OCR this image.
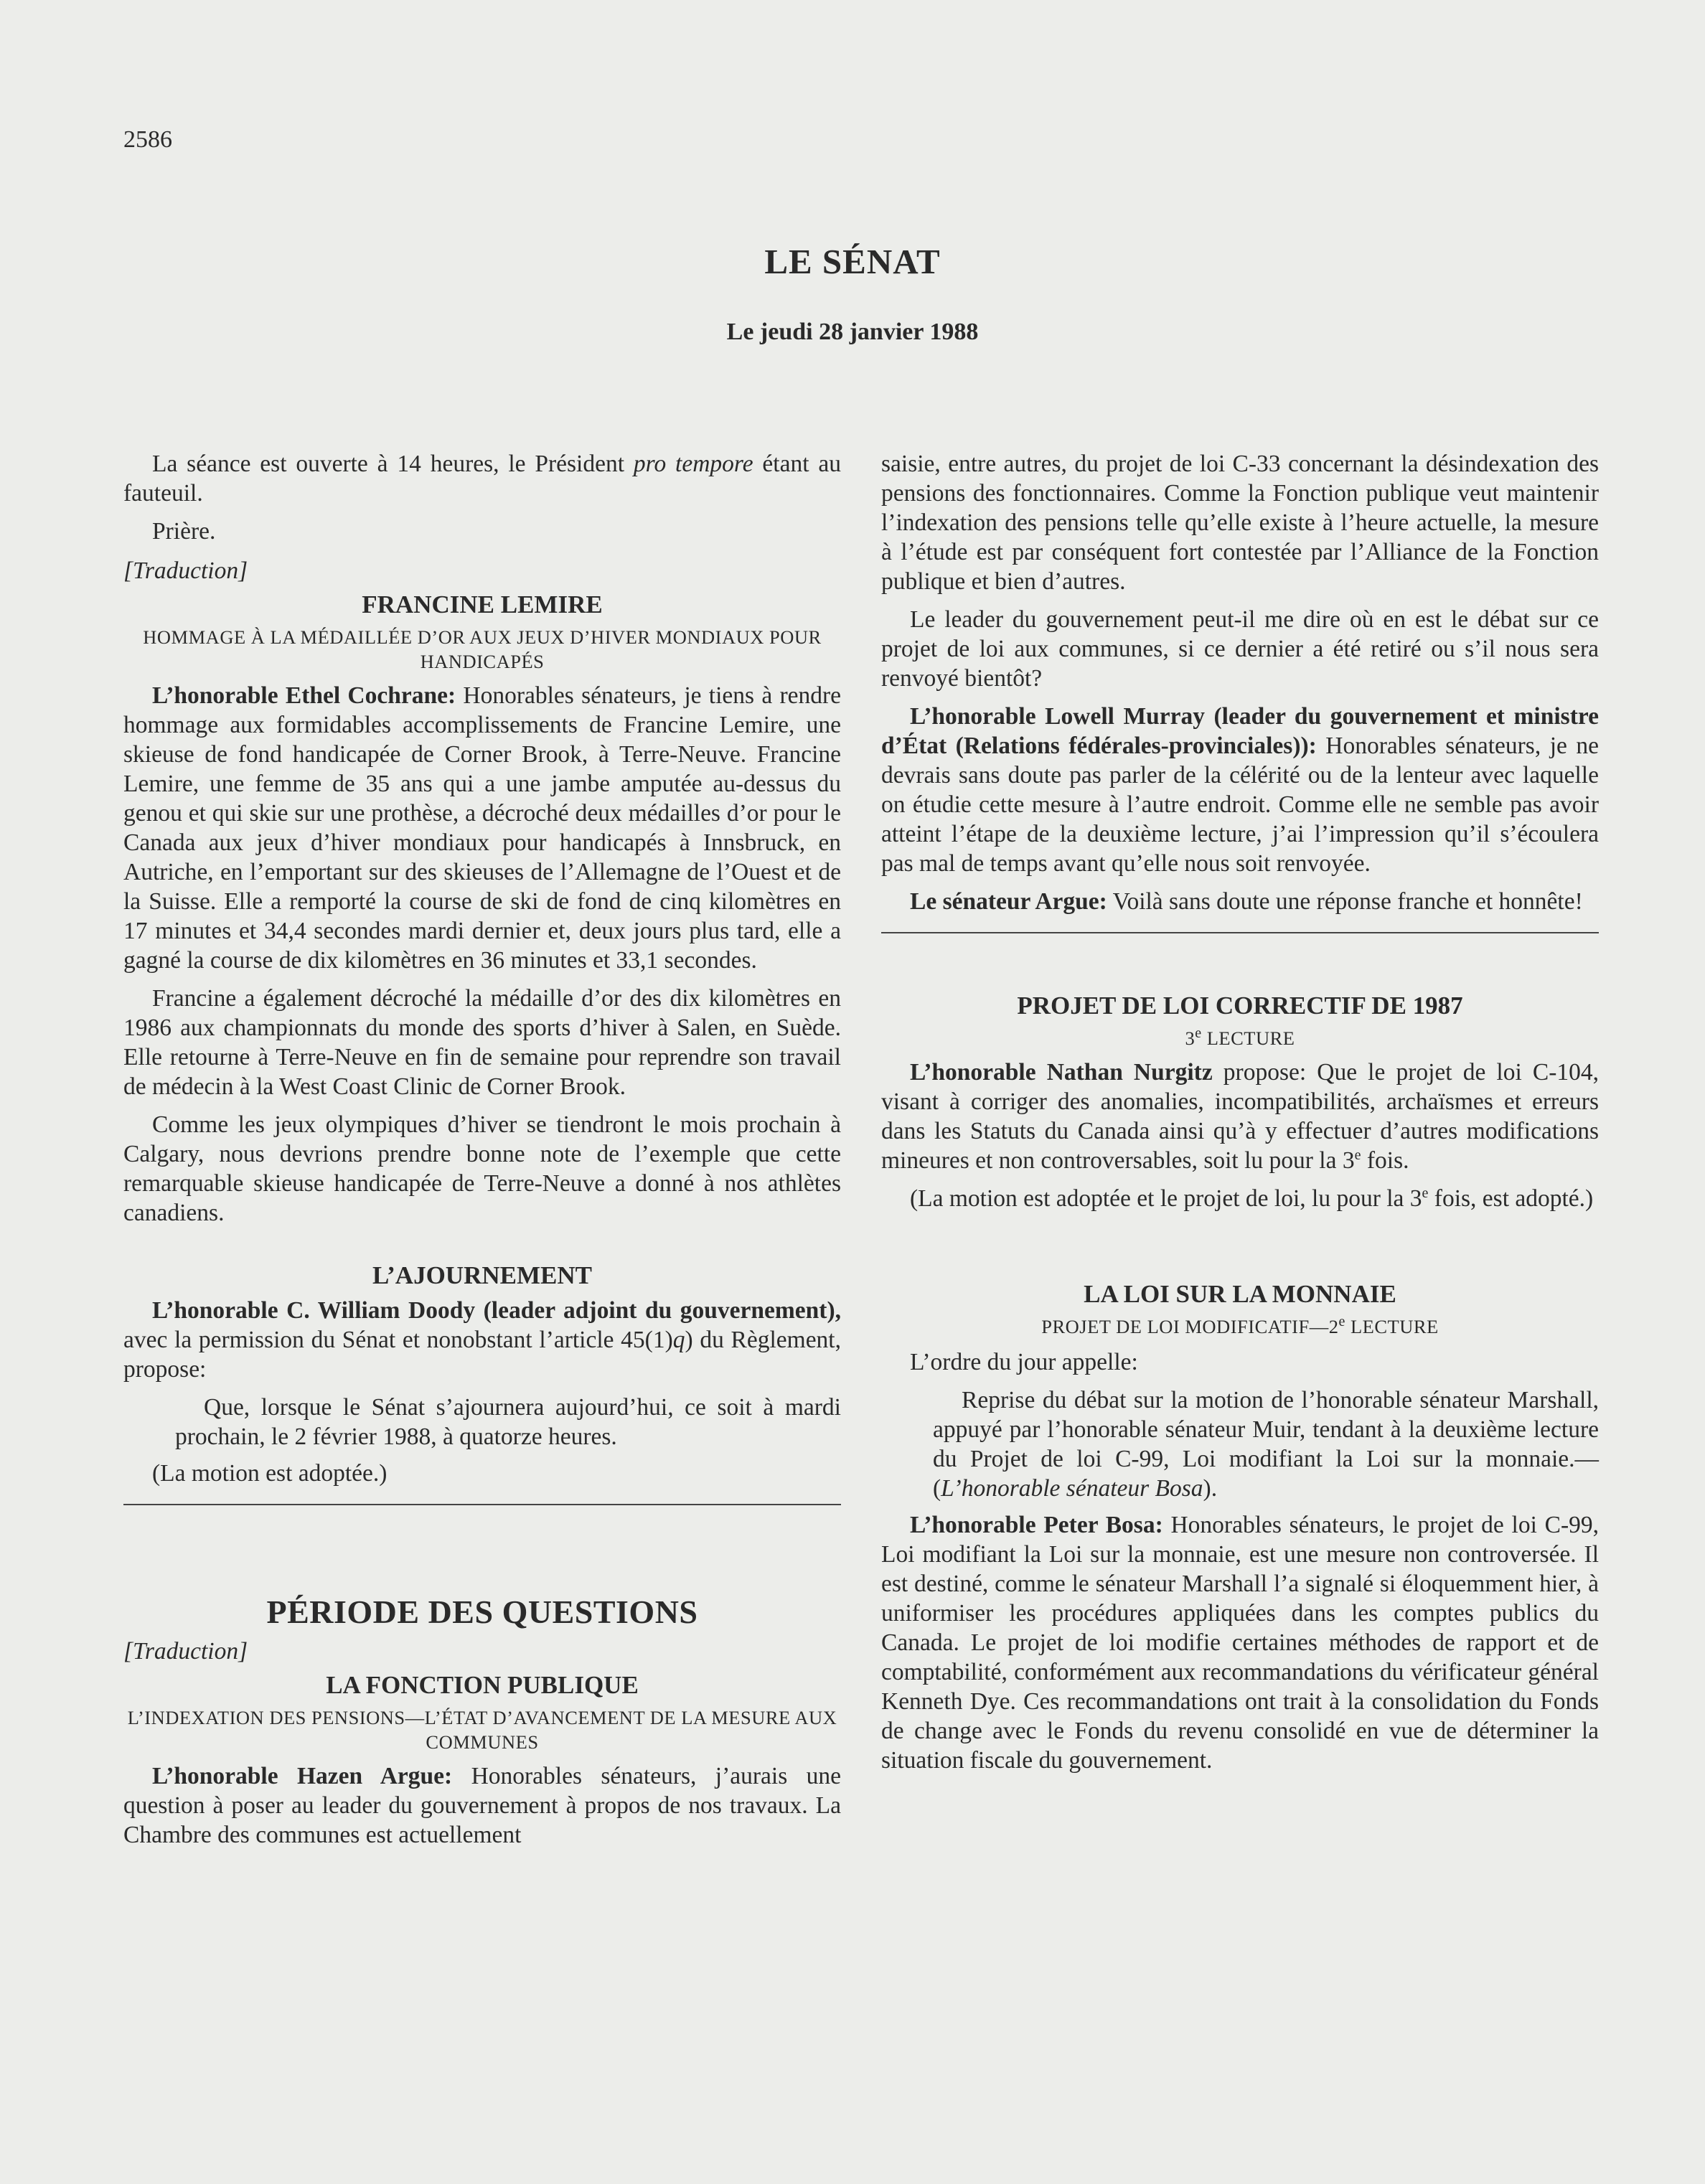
2586
LE SÉNAT
Le jeudi 28 janvier 1988

La séance est ouverte à 14 heures, le Président pro tempore étant au fauteuil.

Prière.

[Traduction]
FRANCINE LEMIRE
HOMMAGE À LA MÉDAILLÉE D’OR AUX JEUX D’HIVER MONDIAUX POUR HANDICAPÉS

L’honorable Ethel Cochrane: Honorables sénateurs, je tiens à rendre hommage aux formidables accomplissements de Francine Lemire, une skieuse de fond handicapée de Corner Brook, à Terre-Neuve. Francine Lemire, une femme de 35 ans qui a une jambe amputée au-dessus du genou et qui skie sur une prothèse, a décroché deux médailles d’or pour le Canada aux jeux d’hiver mondiaux pour handicapés à Innsbruck, en Autriche, en l’emportant sur des skieuses de l’Allemagne de l’Ouest et de la Suisse. Elle a remporté la course de ski de fond de cinq kilomètres en 17 minutes et 34,4 secondes mardi dernier et, deux jours plus tard, elle a gagné la course de dix kilomètres en 36 minutes et 33,1 secondes.

Francine a également décroché la médaille d’or des dix kilomètres en 1986 aux championnats du monde des sports d’hiver à Salen, en Suède. Elle retourne à Terre-Neuve en fin de semaine pour reprendre son travail de médecin à la West Coast Clinic de Corner Brook.

Comme les jeux olympiques d’hiver se tiendront le mois prochain à Calgary, nous devrions prendre bonne note de l’exemple que cette remarquable skieuse handicapée de Terre-Neuve a donné à nos athlètes canadiens.

L’AJOURNEMENT

L’honorable C. William Doody (leader adjoint du gouvernement), avec la permission du Sénat et nonobstant l’article 45(1)q) du Règlement, propose:

Que, lorsque le Sénat s’ajournera aujourd’hui, ce soit à mardi prochain, le 2 février 1988, à quatorze heures.

(La motion est adoptée.)

PÉRIODE DES QUESTIONS
[Traduction]
LA FONCTION PUBLIQUE
L’INDEXATION DES PENSIONS—L’ÉTAT D’AVANCEMENT DE LA MESURE AUX COMMUNES

L’honorable Hazen Argue: Honorables sénateurs, j’aurais une question à poser au leader du gouvernement à propos de nos travaux. La Chambre des communes est actuellement

saisie, entre autres, du projet de loi C-33 concernant la désindexation des pensions des fonctionnaires. Comme la Fonction publique veut maintenir l’indexation des pensions telle qu’elle existe à l’heure actuelle, la mesure à l’étude est par conséquent fort contestée par l’Alliance de la Fonction publique et bien d’autres.

Le leader du gouvernement peut-il me dire où en est le débat sur ce projet de loi aux communes, si ce dernier a été retiré ou s’il nous sera renvoyé bientôt?

L’honorable Lowell Murray (leader du gouvernement et ministre d’État (Relations fédérales-provinciales)): Honorables sénateurs, je ne devrais sans doute pas parler de la célérité ou de la lenteur avec laquelle on étudie cette mesure à l’autre endroit. Comme elle ne semble pas avoir atteint l’étape de la deuxième lecture, j’ai l’impression qu’il s’écoulera pas mal de temps avant qu’elle nous soit renvoyée.

Le sénateur Argue: Voilà sans doute une réponse franche et honnête!

PROJET DE LOI CORRECTIF DE 1987
3e LECTURE

L’honorable Nathan Nurgitz propose: Que le projet de loi C-104, visant à corriger des anomalies, incompatibilités, archaïsmes et erreurs dans les Statuts du Canada ainsi qu’à y effectuer d’autres modifications mineures et non controversables, soit lu pour la 3e fois.

(La motion est adoptée et le projet de loi, lu pour la 3e fois, est adopté.)

LA LOI SUR LA MONNAIE
PROJET DE LOI MODIFICATIF—2e LECTURE

L’ordre du jour appelle:

Reprise du débat sur la motion de l’honorable sénateur Marshall, appuyé par l’honorable sénateur Muir, tendant à la deuxième lecture du Projet de loi C-99, Loi modifiant la Loi sur la monnaie.—(L’honorable sénateur Bosa).

L’honorable Peter Bosa: Honorables sénateurs, le projet de loi C-99, Loi modifiant la Loi sur la monnaie, est une mesure non controversée. Il est destiné, comme le sénateur Marshall l’a signalé si éloquemment hier, à uniformiser les procédures appliquées dans les comptes publics du Canada. Le projet de loi modifie certaines méthodes de rapport et de comptabilité, conformément aux recommandations du vérificateur général Kenneth Dye. Ces recommandations ont trait à la consolidation du Fonds de change avec le Fonds du revenu consolidé en vue de déterminer la situation fiscale du gouvernement.
